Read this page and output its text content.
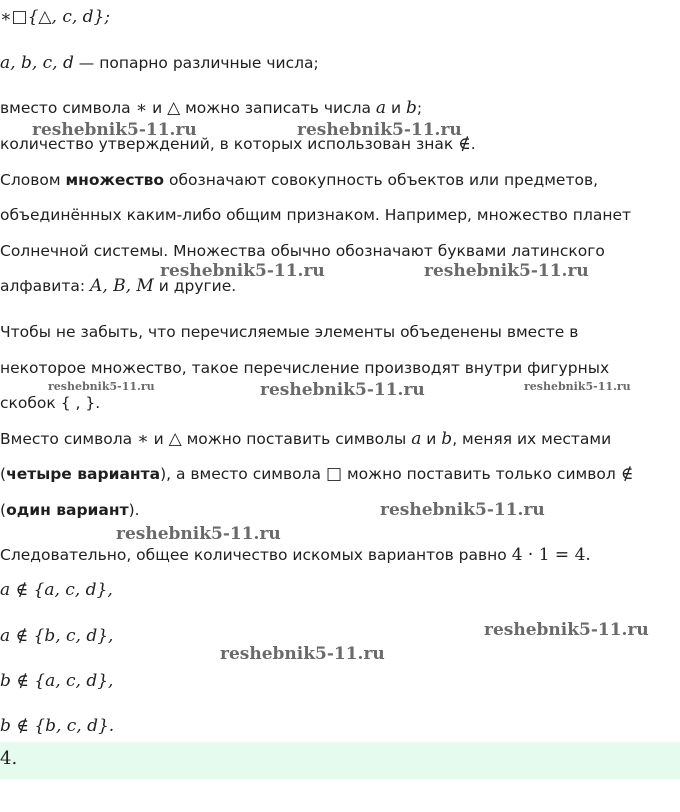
∗□{△, c, d};
a, b, c, d — попарно различные числа;
вместо символа ∗ и △ можно записать числа a и b;
количество утверждений, в которых использован знак ∉.
Словом множество обозначают совокупность объектов или предметов,
объединённых каким-либо общим признаком. Например, множество планет
Солнечной системы. Множества обычно обозначают буквами латинского
алфавита: A, B, M и другие.
Чтобы не забыть, что перечисляемые элементы объеденены вместе в
некоторое множество, такое перечисление производят внутри фигурных
скобок { , }.
Вместо символа ∗ и △ можно поставить символы a и b, меняя их местами
(четыре варианта), а вместо символа □ можно поставить только символ ∉
(один вариант).
Следовательно, общее количество искомых вариантов равно 4 · 1 = 4.
a ∉ {a, c, d},
a ∉ {b, c, d},
b ∉ {a, c, d},
b ∉ {b, c, d}.
4.
reshebnik5-11.ru	reshebnik5-11.ru
reshebnik5-11.ru	reshebnik5-11.ru
reshebnik5-11.ru	reshebnik5-11.ru	reshebnik5-11.ru
reshebnik5-11.ru
reshebnik5-11.ru
reshebnik5-11.ru
reshebnik5-11.ru
